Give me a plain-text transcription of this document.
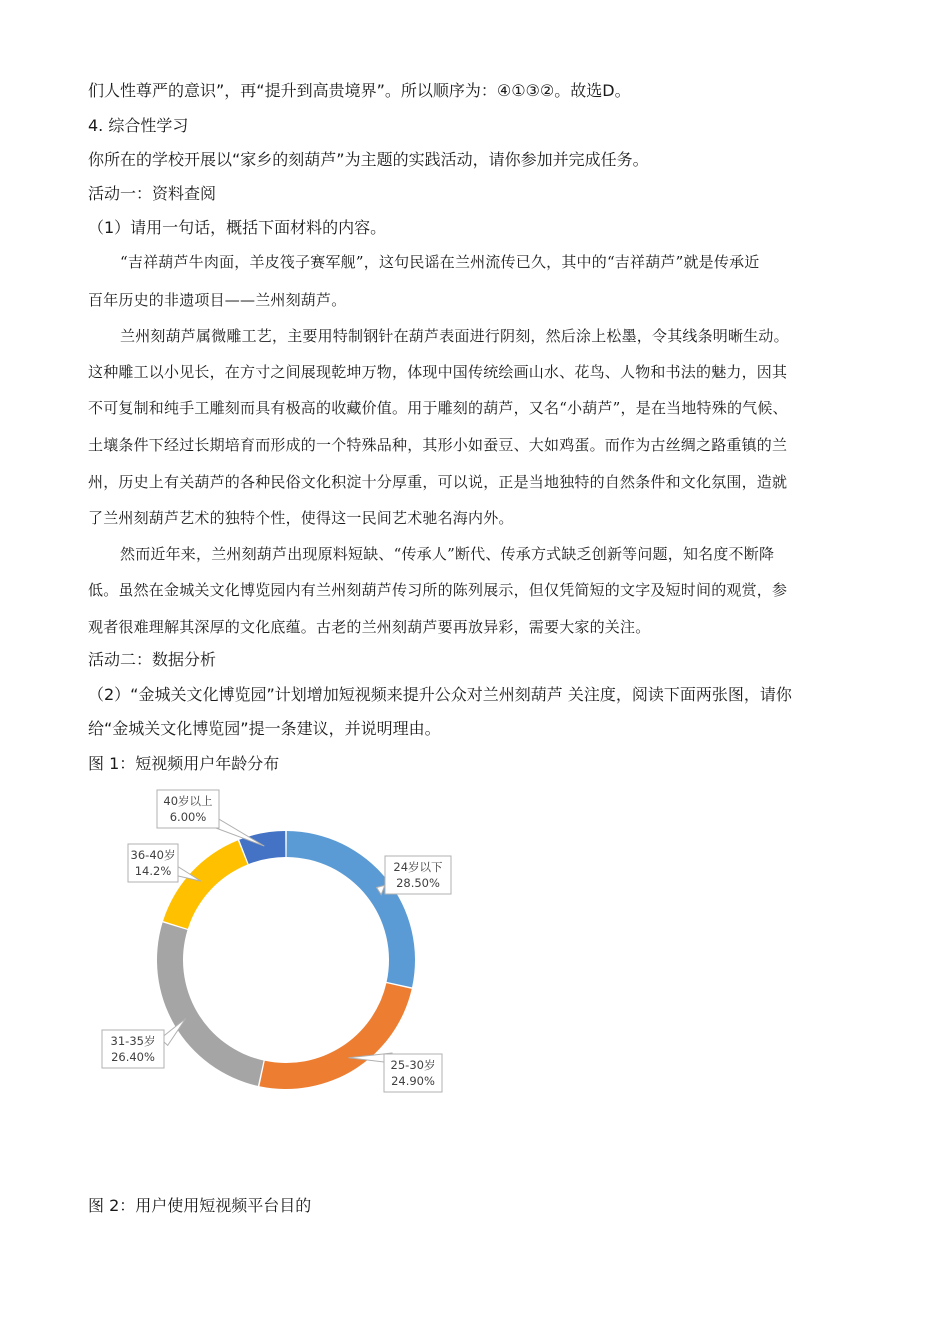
们人性尊严的意识”，再“提升到高贵境界”。所以顺序为：④①③②。故选D。
4. 综合性学习
你所在的学校开展以“家乡的刻葫芦”为主题的实践活动，请你参加并完成任务。
活动一：资料查阅
（1）请用一句话，概括下面材料的内容。
“吉祥葫芦牛肉面，羊皮筏子赛军舰”，这句民谣在兰州流传已久，其中的“吉祥葫芦”就是传承近
百年历史的非遗项目——兰州刻葫芦。
兰州刻葫芦属微雕工艺，主要用特制钢针在葫芦表面进行阴刻，然后涂上松墨，令其线条明晰生动。
这种雕工以小见长，在方寸之间展现乾坤万物，体现中国传统绘画山水、花鸟、人物和书法的魅力，因其
不可复制和纯手工雕刻而具有极高的收藏价值。用于雕刻的葫芦，又名“小葫芦”，是在当地特殊的气候、
土壤条件下经过长期培育而形成的一个特殊品种，其形小如蚕豆、大如鸡蛋。而作为古丝绸之路重镇的兰
州，历史上有关葫芦的各种民俗文化积淀十分厚重，可以说，正是当地独特的自然条件和文化氛围，造就
了兰州刻葫芦艺术的独特个性，使得这一民间艺术驰名海内外。
然而近年来，兰州刻葫芦出现原料短缺、“传承人”断代、传承方式缺乏创新等问题，知名度不断降
低。虽然在金城关文化博览园内有兰州刻葫芦传习所的陈列展示，但仅凭简短的文字及短时间的观赏，参
观者很难理解其深厚的文化底蕴。古老的兰州刻葫芦要再放异彩，需要大家的关注。
活动二：数据分析
（2）“金城关文化博览园”计划增加短视频来提升公众对兰州刻葫芦 关注度，阅读下面两张图，请你
给“金城关文化博览园”提一条建议，并说明理由。
图 1：短视频用户年龄分布
24岁以下
28.50%
25-30岁
24.90%
31-35岁
26.40%
36-40岁
14.2%
40岁以上
6.00%
图 2：用户使用短视频平台目的
